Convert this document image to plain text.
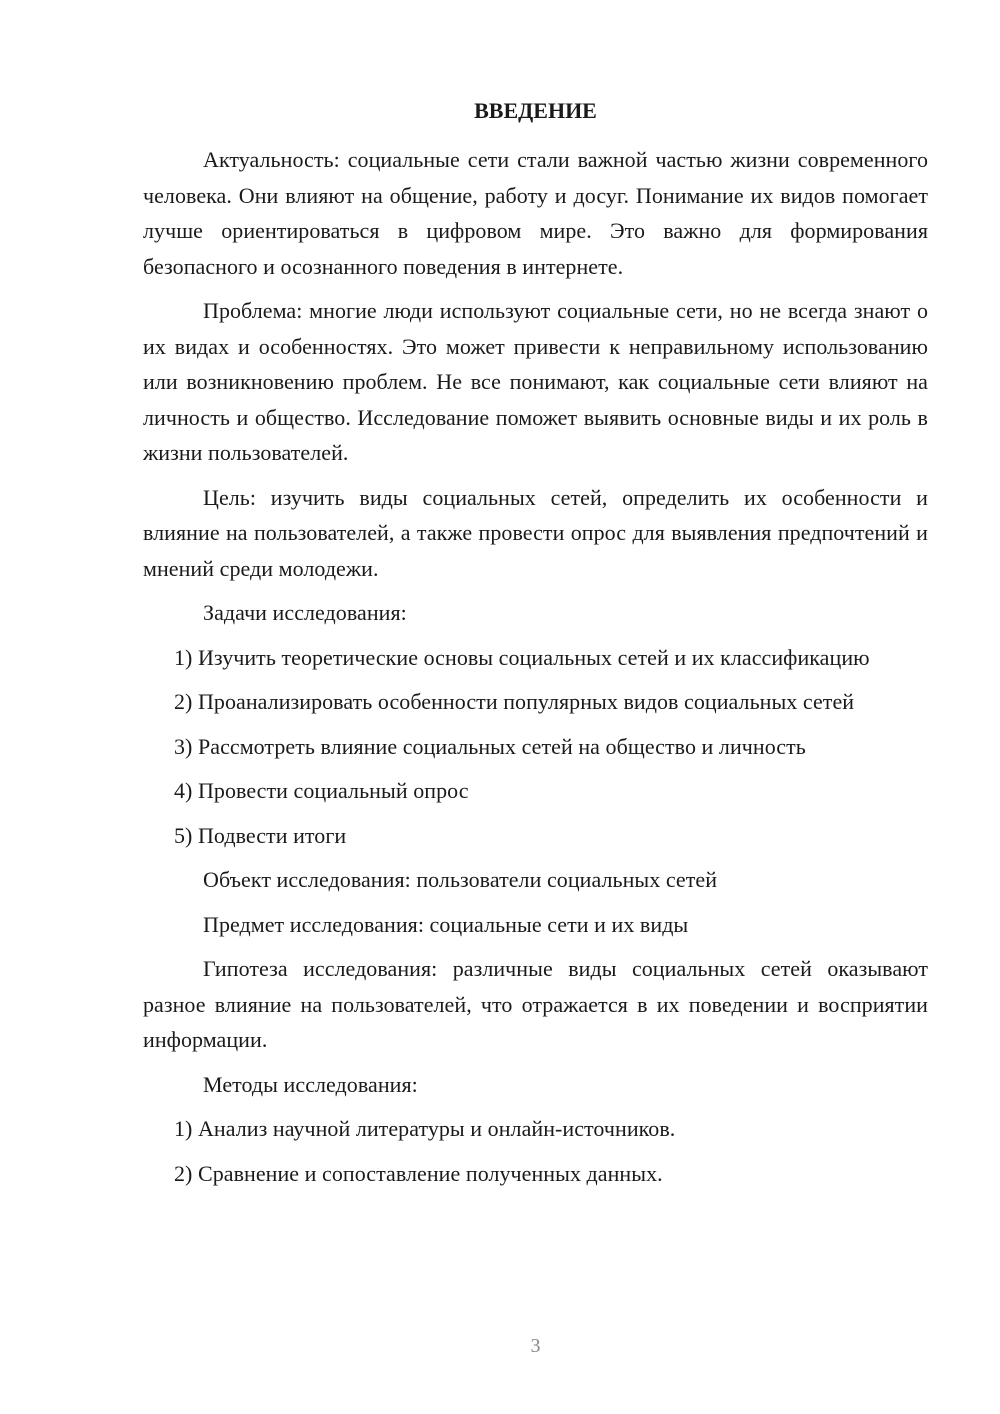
ВВЕДЕНИЕ

Актуальность: социальные сети стали важной частью жизни современного человека. Они влияют на общение, работу и досуг. Понимание их видов помогает лучше ориентироваться в цифровом мире. Это важно для формирования безопасного и осознанного поведения в интернете.

Проблема: многие люди используют социальные сети, но не всегда знают о их видах и особенностях. Это может привести к неправильному использованию или возникновению проблем. Не все понимают, как социальные сети влияют на личность и общество. Исследование поможет выявить основные виды и их роль в жизни пользователей.

Цель: изучить виды социальных сетей, определить их особенности и влияние на пользователей, а также провести опрос для выявления предпочтений и мнений среди молодежи.

Задачи исследования:

1) Изучить теоретические основы социальных сетей и их классификацию

2) Проанализировать особенности популярных видов социальных сетей

3) Рассмотреть влияние социальных сетей на общество и личность

4) Провести социальный опрос

5) Подвести итоги

Объект исследования: пользователи социальных сетей

Предмет исследования: социальные сети и их виды

Гипотеза исследования: различные виды социальных сетей оказывают разное влияние на пользователей, что отражается в их поведении и восприятии информации.

Методы исследования:

1) Анализ научной литературы и онлайн-источников.

2) Сравнение и сопоставление полученных данных.

3
